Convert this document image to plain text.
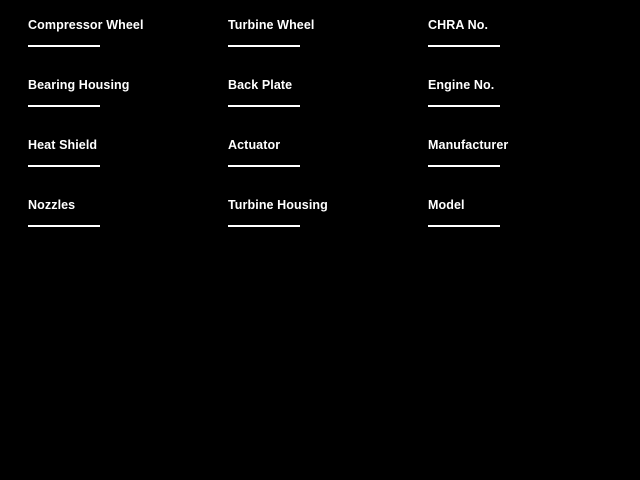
Compressor Wheel	Turbine Wheel	CHRA No.
Bearing Housing	Back Plate	Engine No.
Heat Shield	Actuator	Manufacturer
Nozzles	Turbine Housing	Model
